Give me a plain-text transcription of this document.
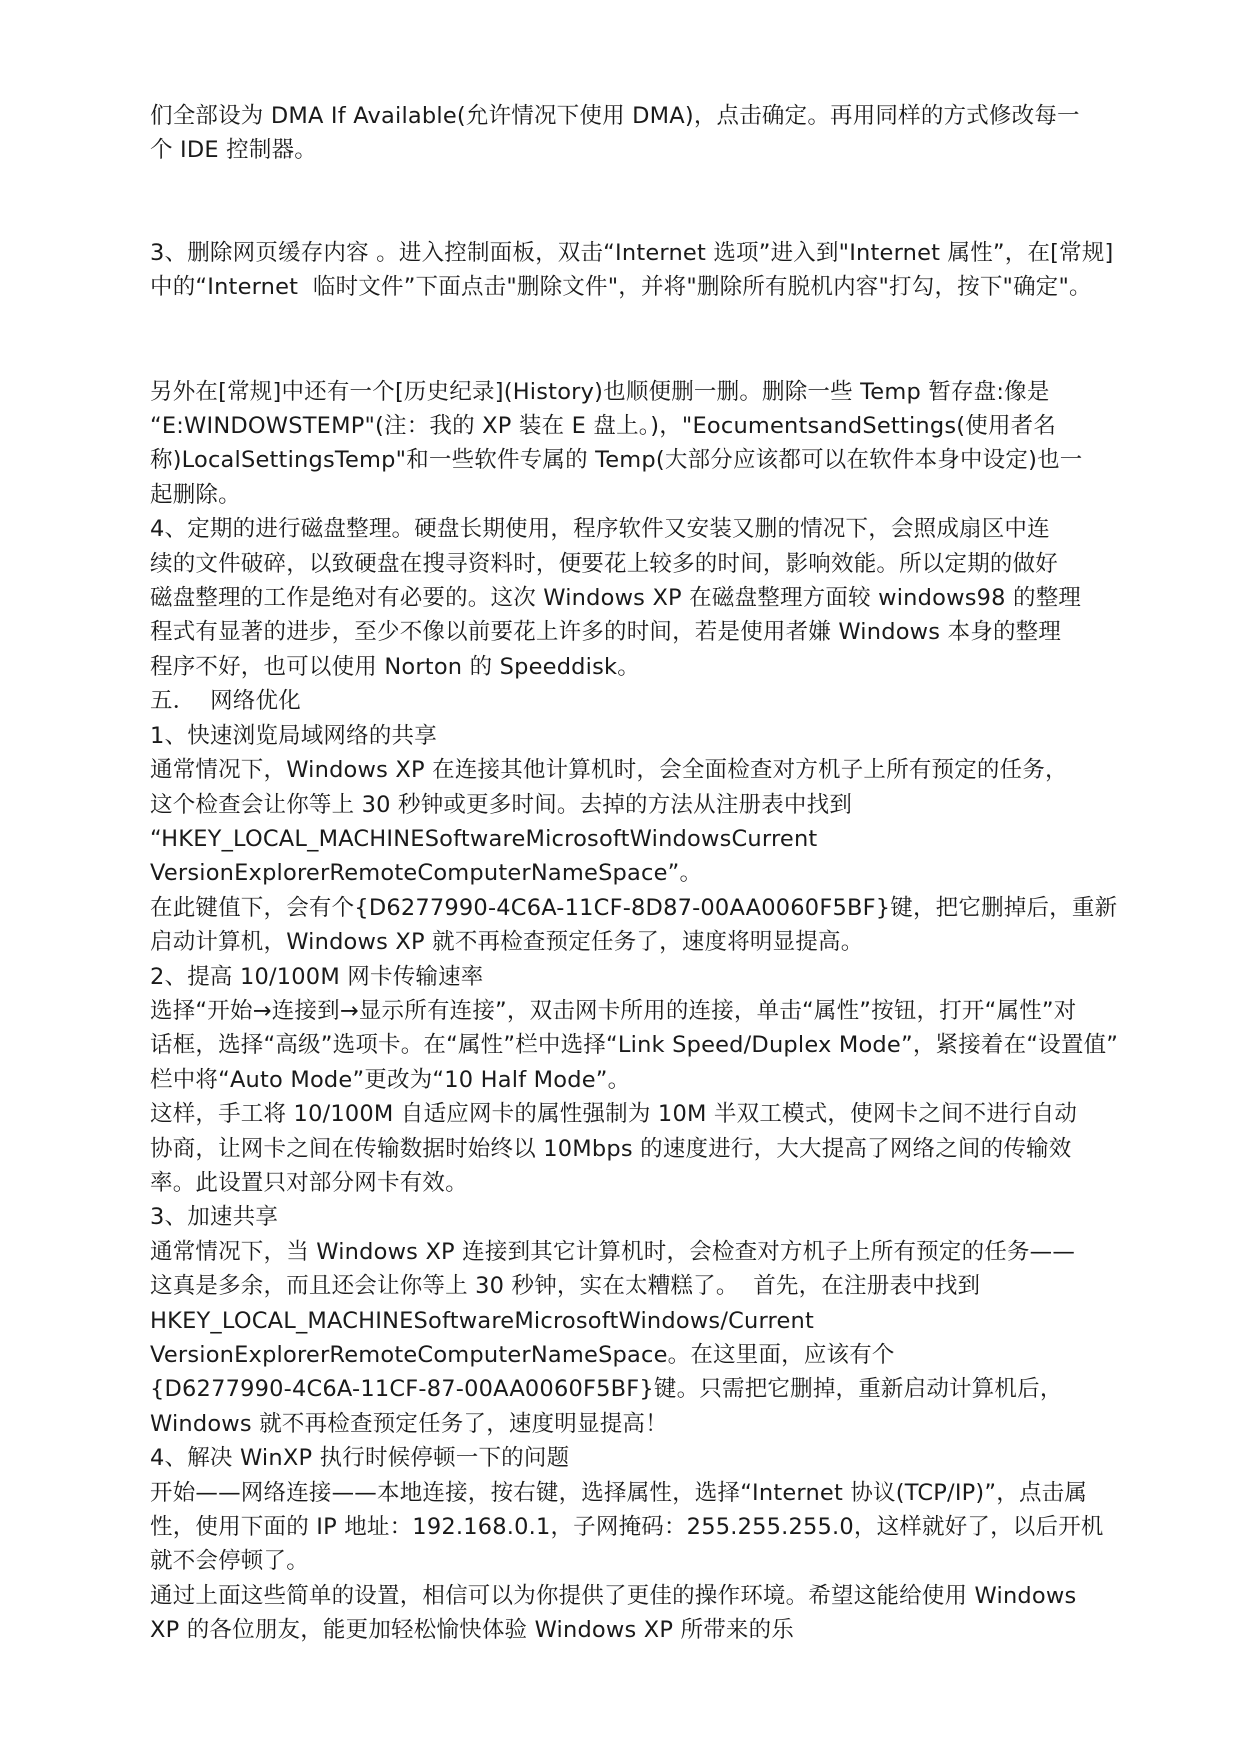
们全部设为 DMA If Available(允许情况下使用 DMA)，点击确定。再用同样的方式修改每一

个 IDE 控制器。

3、删除网页缓存内容 。进入控制面板，双击“Internet 选项”进入到"Internet 属性”，在[常规]

中的“Internet  临时文件”下面点击"删除文件"，并将"删除所有脱机内容"打勾，按下"确定"。

另外在[常规]中还有一个[历史纪录](History)也顺便删一删。删除一些 Temp 暂存盘:像是

“E:WINDOWSTEMP"(注：我的 XP 装在 E 盘上。)，"EocumentsandSettings(使用者名

称)LocalSettingsTemp"和一些软件专属的 Temp(大部分应该都可以在软件本身中设定)也一

起删除。

4、定期的进行磁盘整理。硬盘长期使用，程序软件又安装又删的情况下，会照成扇区中连

续的文件破碎，以致硬盘在搜寻资料时，便要花上较多的时间，影响效能。所以定期的做好

磁盘整理的工作是绝对有必要的。这次 Windows XP 在磁盘整理方面较 windows98 的整理

程式有显著的进步，至少不像以前要花上许多的时间，若是使用者嫌 Windows 本身的整理

程序不好，也可以使用 Norton 的 Speeddisk。

五．  网络优化

1、快速浏览局域网络的共享

通常情况下，Windows XP 在连接其他计算机时，会全面检查对方机子上所有预定的任务，

这个检查会让你等上 30 秒钟或更多时间。去掉的方法从注册表中找到

“HKEY_LOCAL_MACHINESoftwareMicrosoftWindowsCurrent

VersionExplorerRemoteComputerNameSpace”。

在此键值下，会有个{D6277990-4C6A-11CF-8D87-00AA0060F5BF}键，把它删掉后，重新

启动计算机，Windows XP 就不再检查预定任务了，速度将明显提高。

2、提高 10/100M 网卡传输速率

选择“开始→连接到→显示所有连接”，双击网卡所用的连接，单击“属性”按钮，打开“属性”对

话框，选择“高级”选项卡。在“属性”栏中选择“Link Speed/Duplex Mode”，紧接着在“设置值”

栏中将“Auto Mode”更改为“10 Half Mode”。

这样，手工将 10/100M 自适应网卡的属性强制为 10M 半双工模式，使网卡之间不进行自动

协商，让网卡之间在传输数据时始终以 10Mbps 的速度进行，大大提高了网络之间的传输效

率。此设置只对部分网卡有效。

3、加速共享

通常情况下，当 Windows XP 连接到其它计算机时，会检查对方机子上所有预定的任务——

这真是多余，而且还会让你等上 30 秒钟，实在太糟糕了。  首先，在注册表中找到

HKEY_LOCAL_MACHINESoftwareMicrosoftWindows/Current

VersionExplorerRemoteComputerNameSpace。在这里面，应该有个

{D6277990-4C6A-11CF-87-00AA0060F5BF}键。只需把它删掉，重新启动计算机后，

Windows 就不再检查预定任务了，速度明显提高！

4、解决 WinXP 执行时候停顿一下的问题

开始——网络连接——本地连接，按右键，选择属性，选择“Internet 协议(TCP/IP)”，点击属

性，使用下面的 IP 地址：192.168.0.1，子网掩码：255.255.255.0，这样就好了，以后开机

就不会停顿了。

通过上面这些简单的设置，相信可以为你提供了更佳的操作环境。希望这能给使用 Windows

XP 的各位朋友，能更加轻松愉快体验 Windows XP 所带来的乐
